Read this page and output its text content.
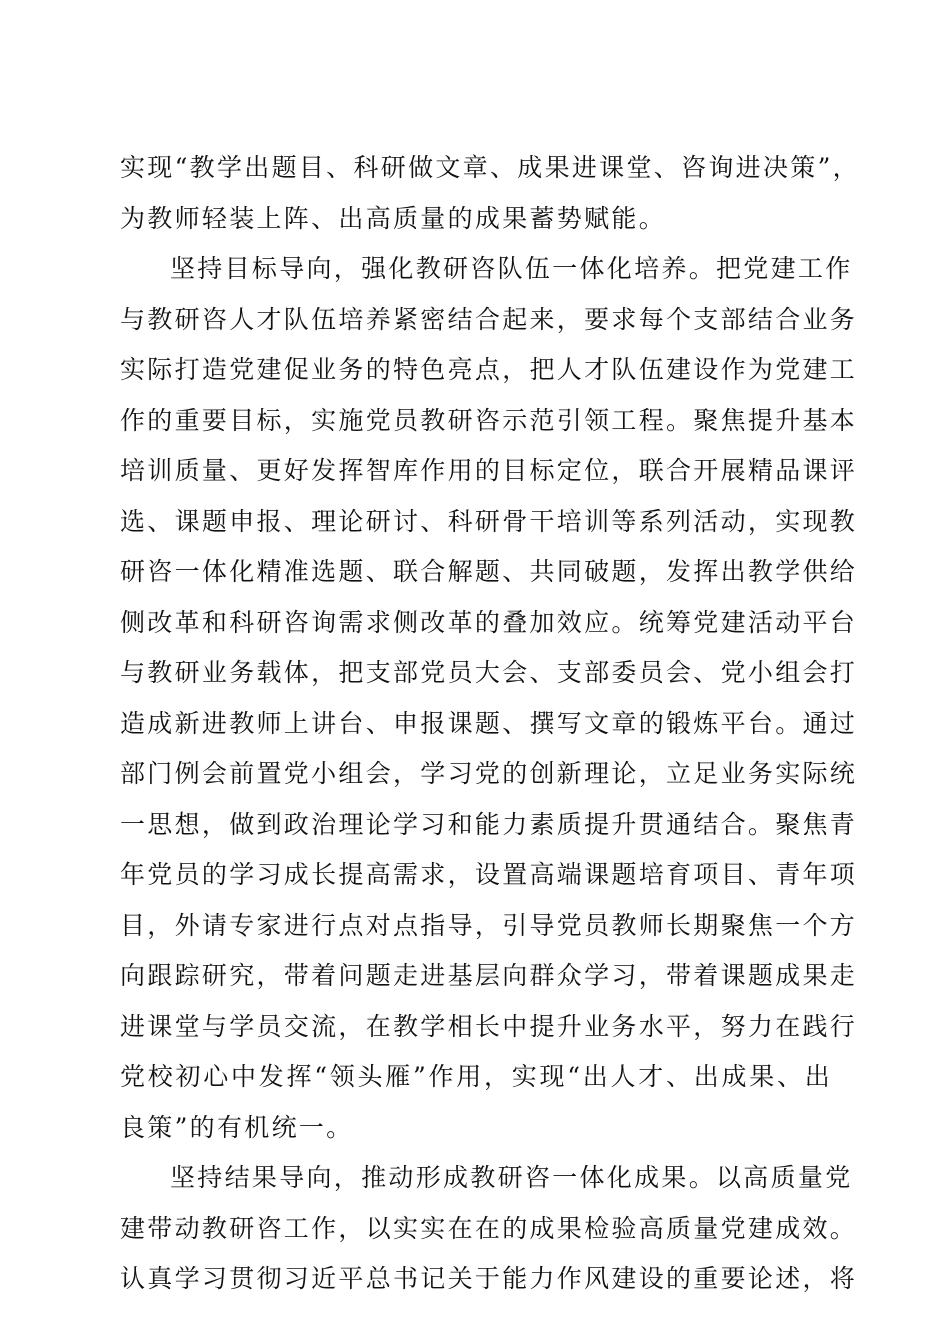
实现“教学出题目、科研做文章、成果进课堂、咨询进决策”，
为教师轻装上阵、出高质量的成果蓄势赋能。
坚持目标导向，强化教研咨队伍一体化培养。把党建工作
与教研咨人才队伍培养紧密结合起来，要求每个支部结合业务
实际打造党建促业务的特色亮点，把人才队伍建设作为党建工
作的重要目标，实施党员教研咨示范引领工程。聚焦提升基本
培训质量、更好发挥智库作用的目标定位，联合开展精品课评
选、课题申报、理论研讨、科研骨干培训等系列活动，实现教
研咨一体化精准选题、联合解题、共同破题，发挥出教学供给
侧改革和科研咨询需求侧改革的叠加效应。统筹党建活动平台
与教研业务载体，把支部党员大会、支部委员会、党小组会打
造成新进教师上讲台、申报课题、撰写文章的锻炼平台。通过
部门例会前置党小组会，学习党的创新理论，立足业务实际统
一思想，做到政治理论学习和能力素质提升贯通结合。聚焦青
年党员的学习成长提高需求，设置高端课题培育项目、青年项
目，外请专家进行点对点指导，引导党员教师长期聚焦一个方
向跟踪研究，带着问题走进基层向群众学习，带着课题成果走
进课堂与学员交流，在教学相长中提升业务水平，努力在践行
党校初心中发挥“领头雁”作用，实现“出人才、出成果、出
良策”的有机统一。
坚持结果导向，推动形成教研咨一体化成果。以高质量党
建带动教研咨工作，以实实在在的成果检验高质量党建成效。
认真学习贯彻习近平总书记关于能力作风建设的重要论述，将
